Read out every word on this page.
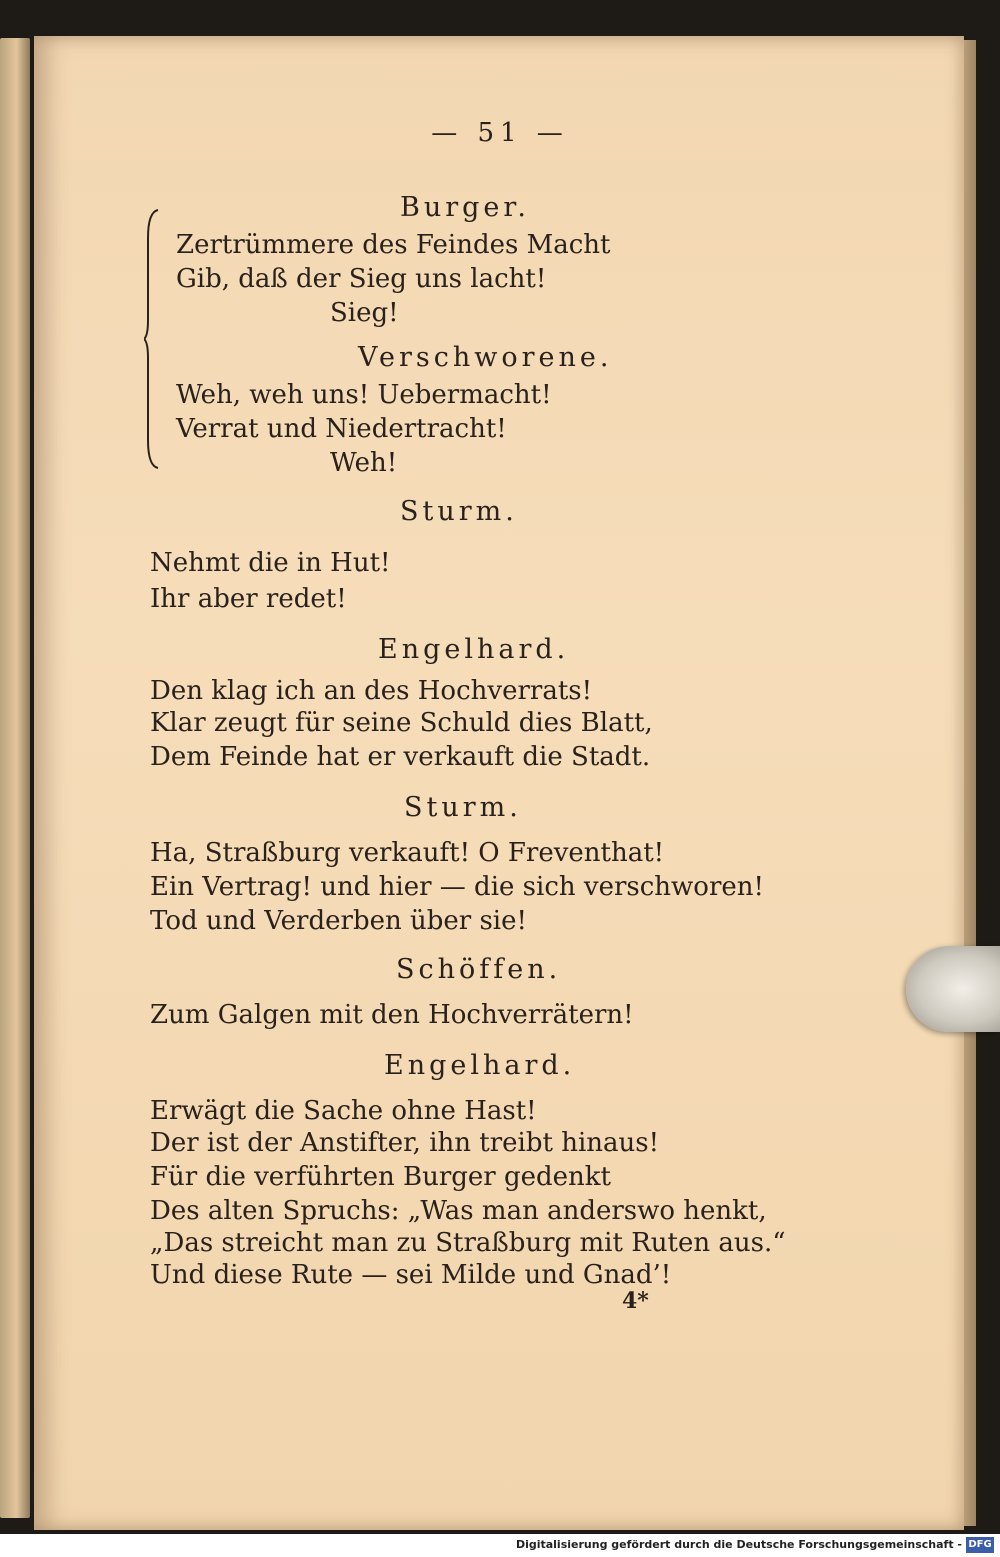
— 51 —
Burger.
Zertrümmere des Feindes Macht
Gib, daß der Sieg uns lacht!
Sieg!
Verschworene.
Weh, weh uns! Uebermacht!
Verrat und Niedertracht!
Weh!
Sturm.
Nehmt die in Hut!
Ihr aber redet!
Engelhard.
Den klag ich an des Hochverrats!
Klar zeugt für seine Schuld dies Blatt,
Dem Feinde hat er verkauft die Stadt.
Sturm.
Ha, Straßburg verkauft! O Freventhat!
Ein Vertrag! und hier — die sich verschworen!
Tod und Verderben über sie!
Schöffen.
Zum Galgen mit den Hochverrätern!
Engelhard.
Erwägt die Sache ohne Hast!
Der ist der Anstifter, ihn treibt hinaus!
Für die verführten Burger gedenkt
Des alten Spruchs: „Was man anderswo henkt,
„Das streicht man zu Straßburg mit Ruten aus.“
Und diese Rute — sei Milde und Gnad’!
4*
Digitalisierung gefördert durch die Deutsche Forschungsgemeinschaft - DFG
